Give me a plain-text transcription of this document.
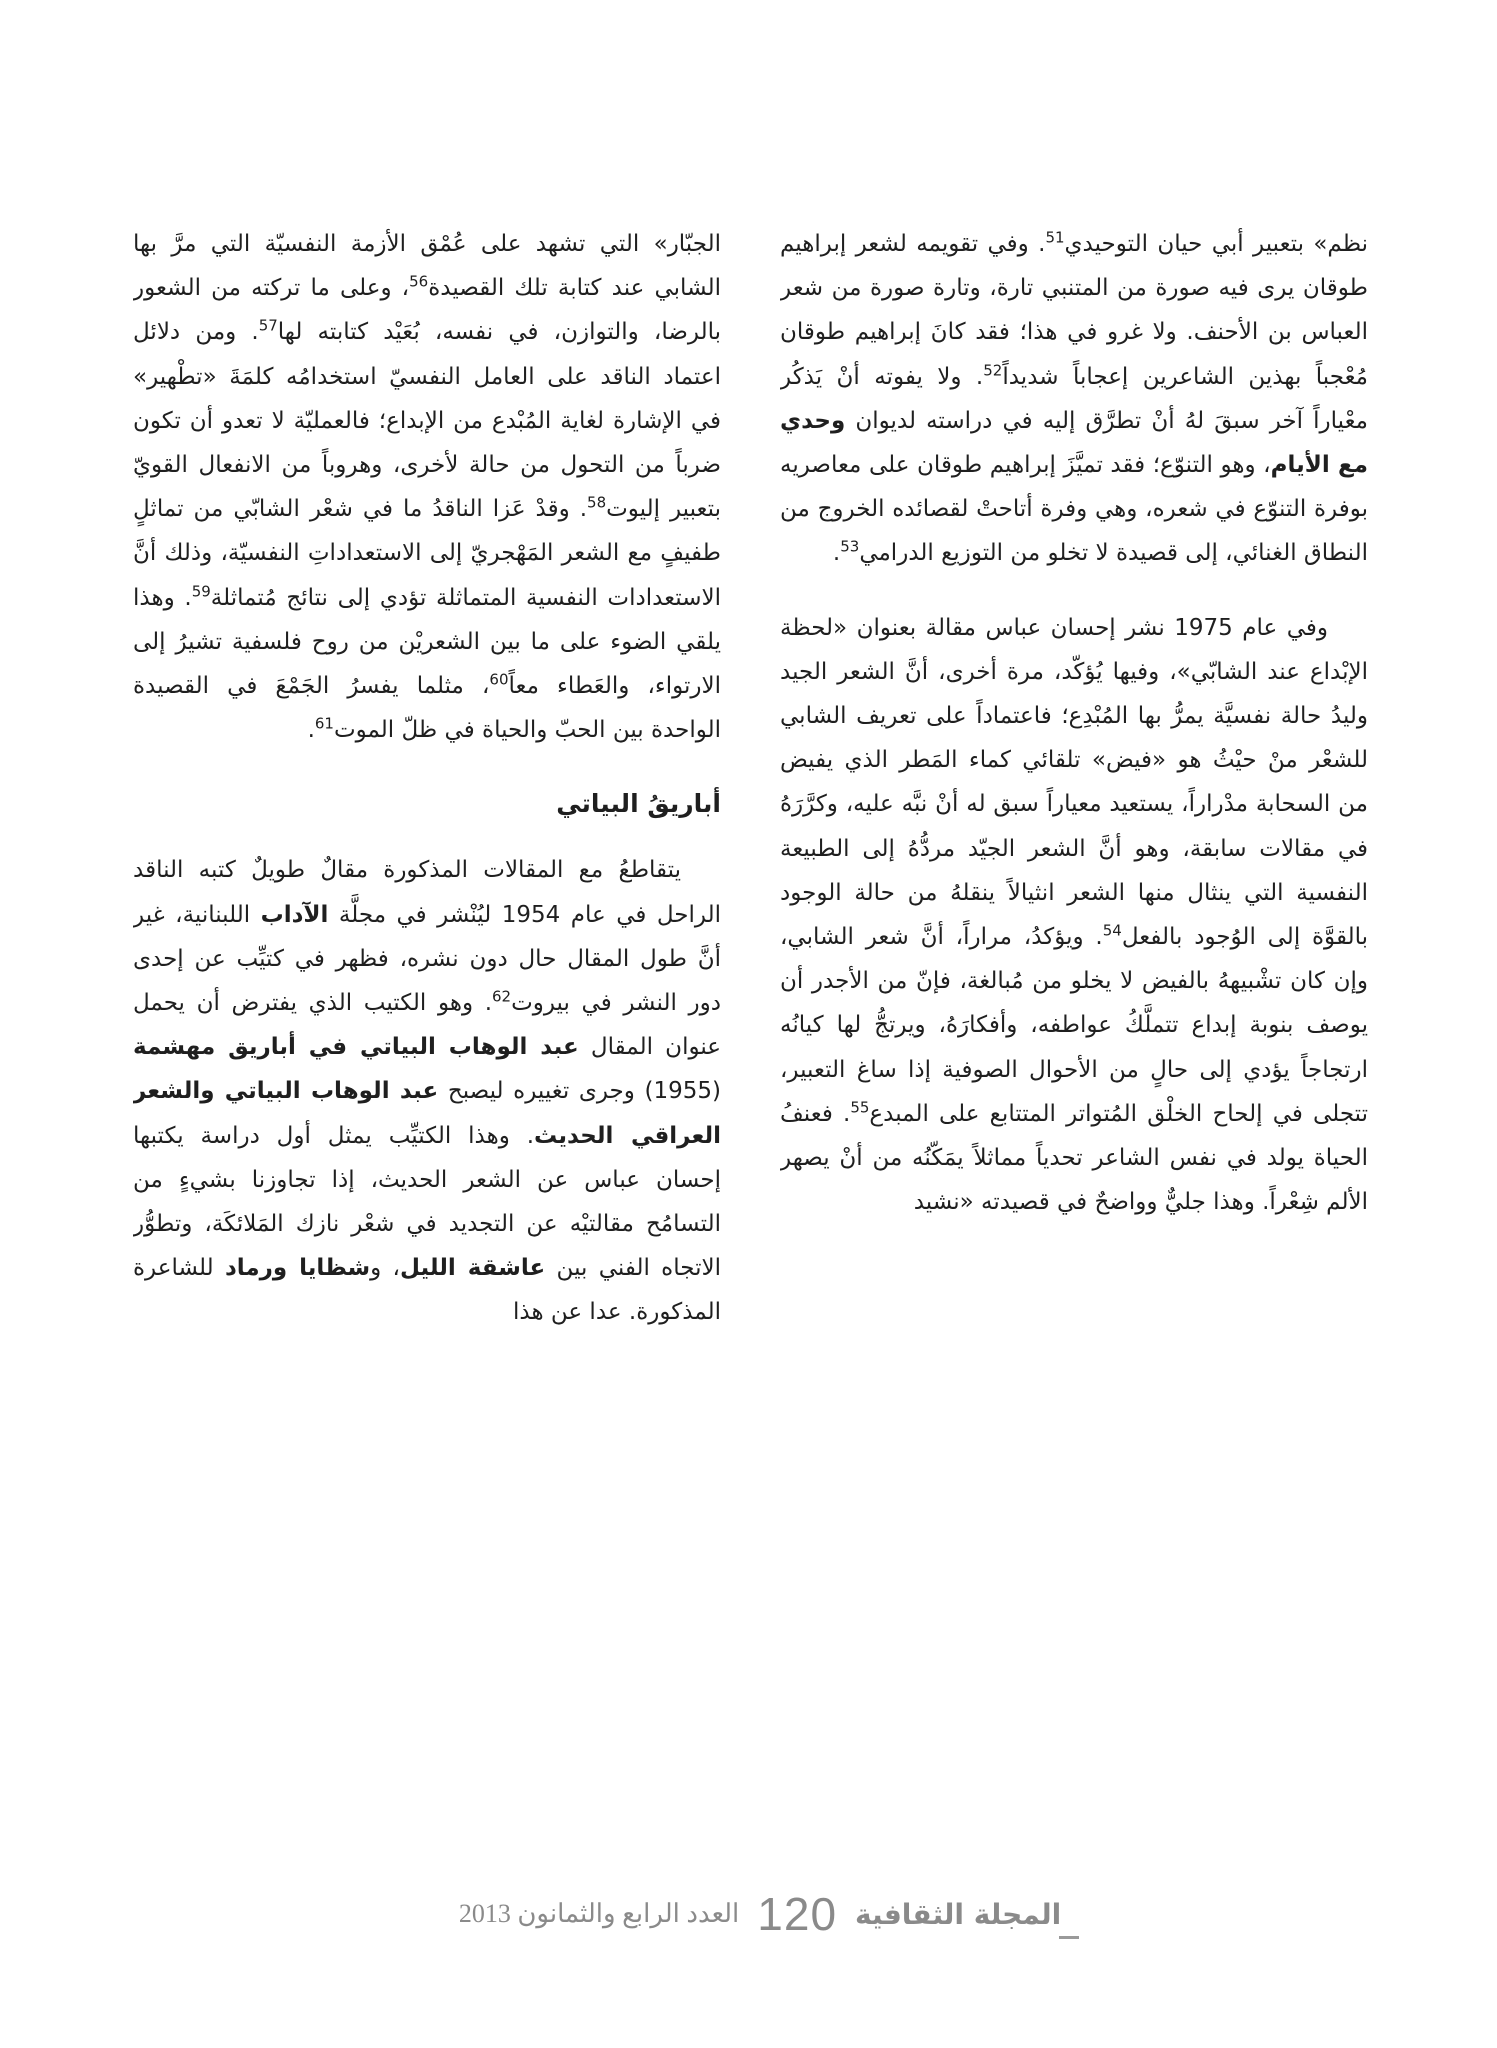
نظم» بتعبير أبي حيان التوحيدي$^{51}$. وفي تقويمه لشعر إبراهيم طوقان يرى فيه صورة من المتنبي تارة، وتارة صورة من شعر العباس بن الأحنف. ولا غرو في هذا؛ فقد كانَ إبراهيم طوقان مُعْجباً بهذين الشاعرين إعجاباً شديداً$^{52}$. ولا يفوته أنْ يَذكُر معْياراً آخر سبقَ لهُ أنْ تطرَّق إليه في دراسته لديوان وحدي مع الأيام، وهو التنوّع؛ فقد تميَّزَ إبراهيم طوقان على معاصريه بوفرة التنوّع في شعره، وهي وفرة أتاحتْ لقصائده الخروج من النطاق الغنائي، إلى قصيدة لا تخلو من التوزيع الدرامي$^{53}$.

وفي عام 1975 نشر إحسان عباس مقالة بعنوان «لحظة الإبْداع عند الشابّي»، وفيها يُؤكّد، مرة أخرى، أنَّ الشعر الجيد وليدُ حالة نفسيَّة يمرُّ بها المُبْدِع؛ فاعتماداً على تعريف الشابي للشعْر منْ حيْثُ هو «فيض» تلقائي كماء المَطر الذي يفيض من السحابة مدْراراً، يستعيد معياراً سبق له أنْ نبَّه عليه، وكرَّرَهُ في مقالات سابقة، وهو أنَّ الشعر الجيّد مردُّهُ إلى الطبيعة النفسية التي ينثال منها الشعر انثيالاً ينقلهُ من حالة الوجود بالقوَّة إلى الوُجود بالفعل$^{54}$. ويؤكدُ، مراراً، أنَّ شعر الشابي، وإن كان تشْبيههُ بالفيض لا يخلو من مُبالغة، فإنّ من الأجدر أن يوصف بنوبة إبداع تتملَّكُ عواطفه، وأفكارَهُ، ويرتجُّ لها كيانُه ارتجاجاً يؤدي إلى حالٍ من الأحوال الصوفية إذا ساغ التعبير، تتجلى في إلحاح الخلْق المُتواتر المتتابع على المبدع$^{55}$. فعنفُ الحياة يولد في نفس الشاعر تحدياً مماثلاً يمَكّنُه من أنْ يصهر الألم شِعْراً. وهذا جليٌّ وواضحٌ في قصيدته «نشيد

الجبّار» التي تشهد على عُمْق الأزمة النفسيّة التي مرَّ بها الشابي عند كتابة تلك القصيدة$^{56}$، وعلى ما تركته من الشعور بالرضا، والتوازن، في نفسه، بُعَيْد كتابته لها$^{57}$. ومن دلائل اعتماد الناقد على العامل النفسيّ استخدامُه كلمَةَ «تطْهير» في الإشارة لغاية المُبْدع من الإبداع؛ فالعمليّة لا تعدو أن تكون ضرباً من التحول من حالة لأخرى، وهروباً من الانفعال القويّ بتعبير إليوت$^{58}$. وقدْ عَزا الناقدُ ما في شعْر الشابّي من تماثلٍ طفيفٍ مع الشعر المَهْجريّ إلى الاستعداداتِ النفسيّة، وذلك أنَّ الاستعدادات النفسية المتماثلة تؤدي إلى نتائج مُتماثلة$^{59}$. وهذا يلقي الضوء على ما بين الشعريْن من روح فلسفية تشيرُ إلى الارتواء، والعَطاء معاً$^{60}$، مثلما يفسرُ الجَمْعَ في القصيدة الواحدة بين الحبّ والحياة في ظلّ الموت$^{61}$.

أباريقُ البياتي

يتقاطعُ مع المقالات المذكورة مقالٌ طويلٌ كتبه الناقد الراحل في عام 1954 ليُنْشر في مجلَّة الآداب اللبنانية، غير أنَّ طول المقال حال دون نشره، فظهر في كتيِّب عن إحدى دور النشر في بيروت$^{62}$. وهو الكتيب الذي يفترض أن يحمل عنوان المقال عبد الوهاب البياتي في أباريق مهشمة (1955) وجرى تغييره ليصبح عبد الوهاب البياتي والشعر العراقي الحديث. وهذا الكتيِّب يمثل أول دراسة يكتبها إحسان عباس عن الشعر الحديث، إذا تجاوزنا بشيءٍ من التسامُح مقالتيْه عن التجديد في شعْر نازك المَلائكَة، وتطوُّر الاتجاه الفني بين عاشقة الليل، وشظايا ورماد للشاعرة المذكورة. عدا عن هذا

المجلة الثقافية
120
العدد الرابع والثمانون 2013
